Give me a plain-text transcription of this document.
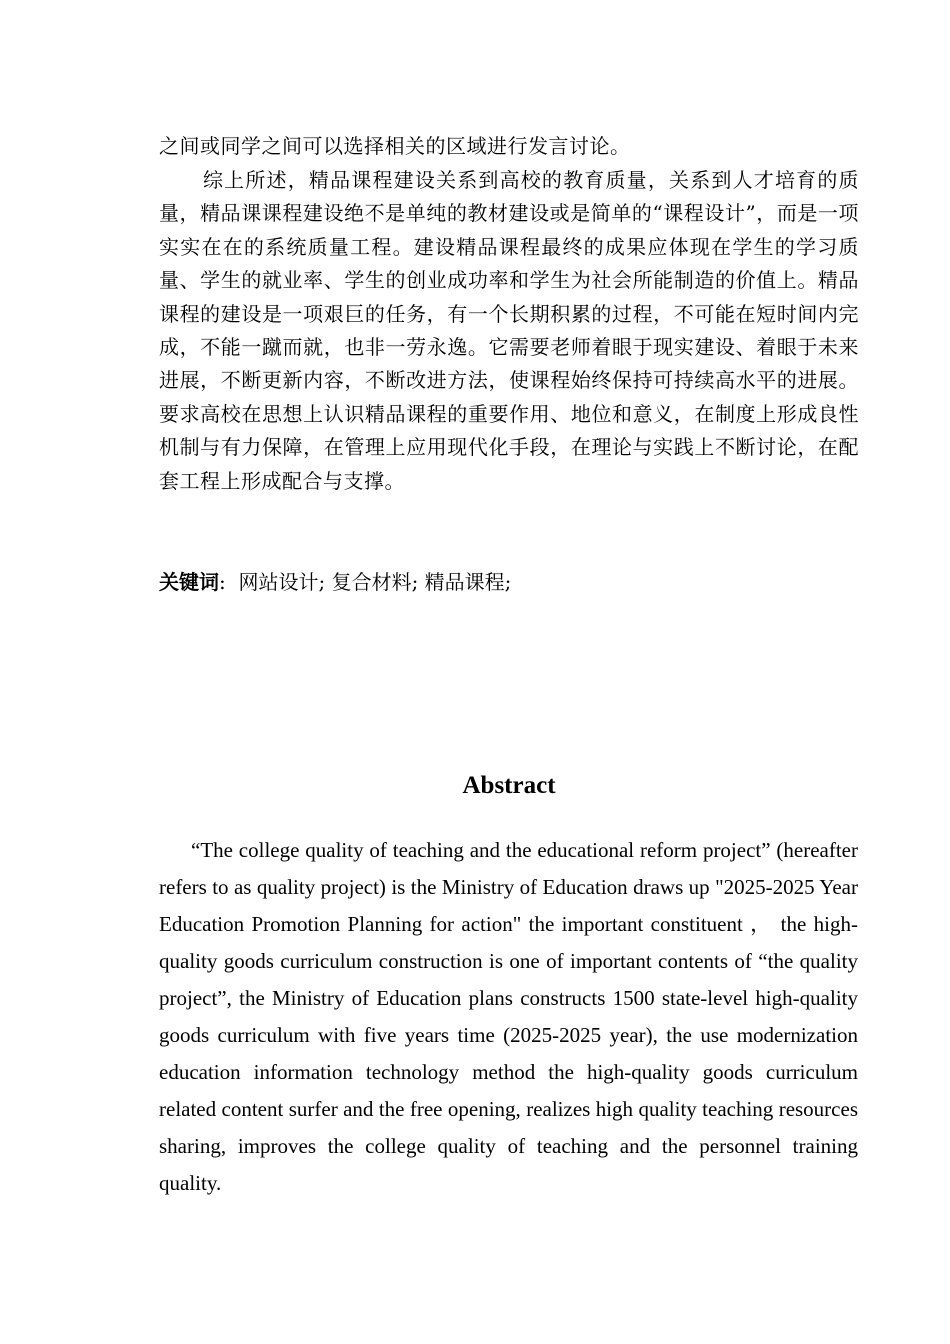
之间或同学之间可以选择相关的区域进行发言讨论。

综上所述，精品课程建设关系到高校的教育质量，关系到人才培育的质量，精品课课程建设绝不是单纯的教材建设或是简单的“课程设计”，而是一项实实在在的系统质量工程。建设精品课程最终的成果应体现在学生的学习质量、学生的就业率、学生的创业成功率和学生为社会所能制造的价值上。精品课程的建设是一项艰巨的任务，有一个长期积累的过程，不可能在短时间内完成，不能一蹴而就，也非一劳永逸。它需要老师着眼于现实建设、着眼于未来进展，不断更新内容，不断改进方法，使课程始终保持可持续高水平的进展。要求高校在思想上认识精品课程的重要作用、地位和意义，在制度上形成良性机制与有力保障，在管理上应用现代化手段，在理论与实践上不断讨论，在配套工程上形成配合与支撑。

关键词: 网站设计; 复合材料; 精品课程;

Abstract

“The college quality of teaching and the educational reform project” (hereafter refers to as quality project) is the Ministry of Education draws up "2025-2025 Year Education Promotion Planning for action" the important constituent ， the high-quality goods curriculum construction is one of important contents of “the quality project”, the Ministry of Education plans constructs 1500 state-level high-quality goods curriculum with five years time (2025-2025 year), the use modernization education information technology method the high-quality goods curriculum related content surfer and the free opening, realizes high quality teaching resources sharing, improves the college quality of teaching and the personnel training quality.
